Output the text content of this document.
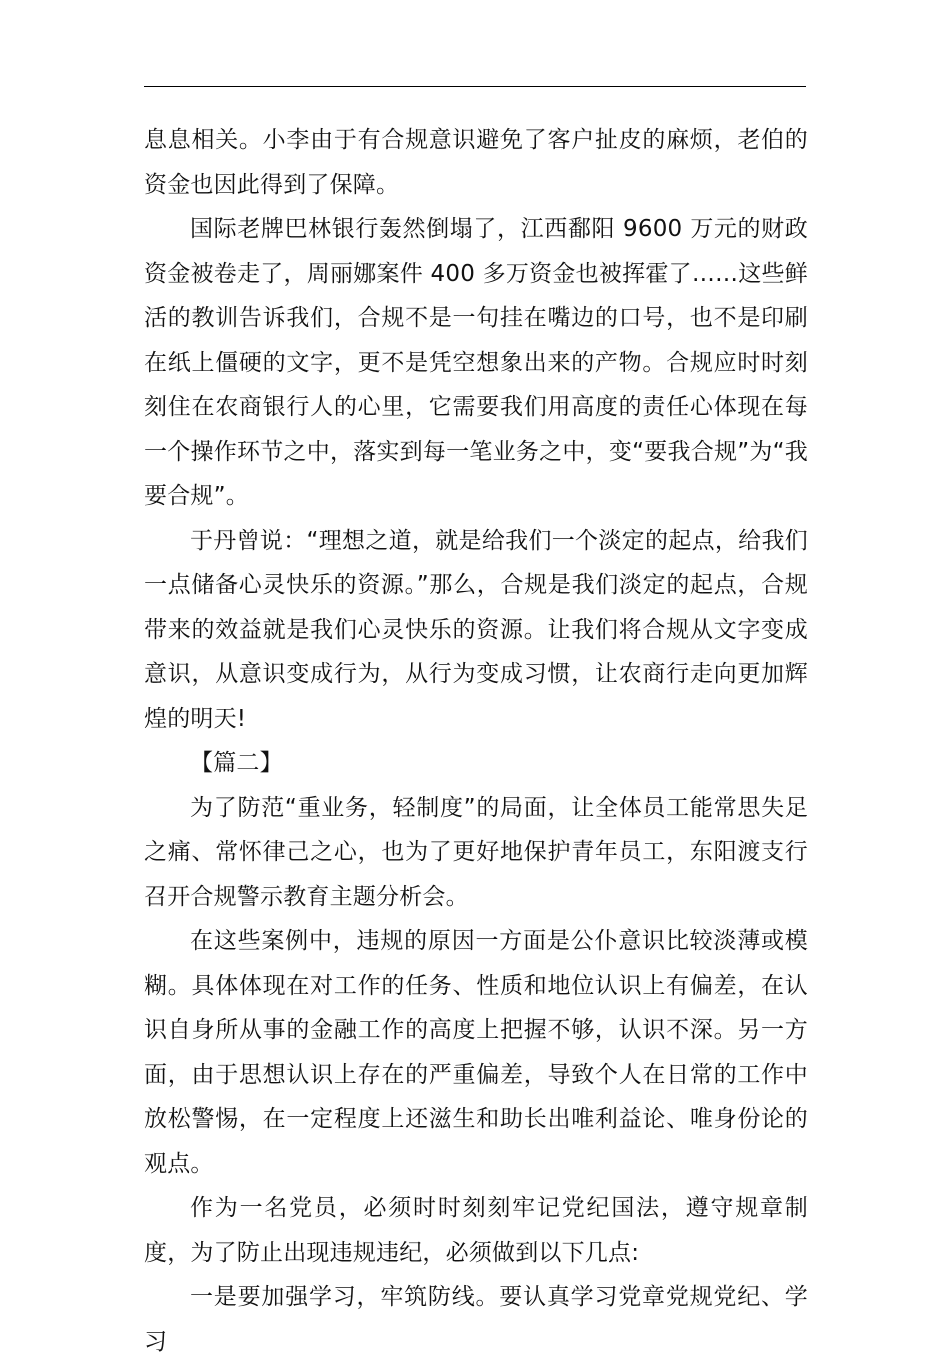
息息相关。小李由于有合规意识避免了客户扯皮的麻烦，老伯的资金也因此得到了保障。

国际老牌巴林银行轰然倒塌了，江西鄱阳 9600 万元的财政资金被卷走了，周丽娜案件 400 多万资金也被挥霍了……这些鲜活的教训告诉我们，合规不是一句挂在嘴边的口号，也不是印刷在纸上僵硬的文字，更不是凭空想象出来的产物。合规应时时刻刻住在农商银行人的心里，它需要我们用高度的责任心体现在每一个操作环节之中，落实到每一笔业务之中，变“要我合规”为“我要合规”。

于丹曾说：“理想之道，就是给我们一个淡定的起点，给我们一点储备心灵快乐的资源。”那么，合规是我们淡定的起点，合规带来的效益就是我们心灵快乐的资源。让我们将合规从文字变成意识，从意识变成行为，从行为变成习惯，让农商行走向更加辉煌的明天!

【篇二】

为了防范“重业务，轻制度”的局面，让全体员工能常思失足之痛、常怀律己之心，也为了更好地保护青年员工，东阳渡支行召开合规警示教育主题分析会。

在这些案例中，违规的原因一方面是公仆意识比较淡薄或模糊。具体体现在对工作的任务、性质和地位认识上有偏差，在认识自身所从事的金融工作的高度上把握不够，认识不深。另一方面，由于思想认识上存在的严重偏差，导致个人在日常的工作中放松警惕，在一定程度上还滋生和助长出唯利益论、唯身份论的观点。

作为一名党员，必须时时刻刻牢记党纪国法，遵守规章制度，为了防止出现违规违纪，必须做到以下几点:

一是要加强学习，牢筑防线。要认真学习党章党规党纪、学习
